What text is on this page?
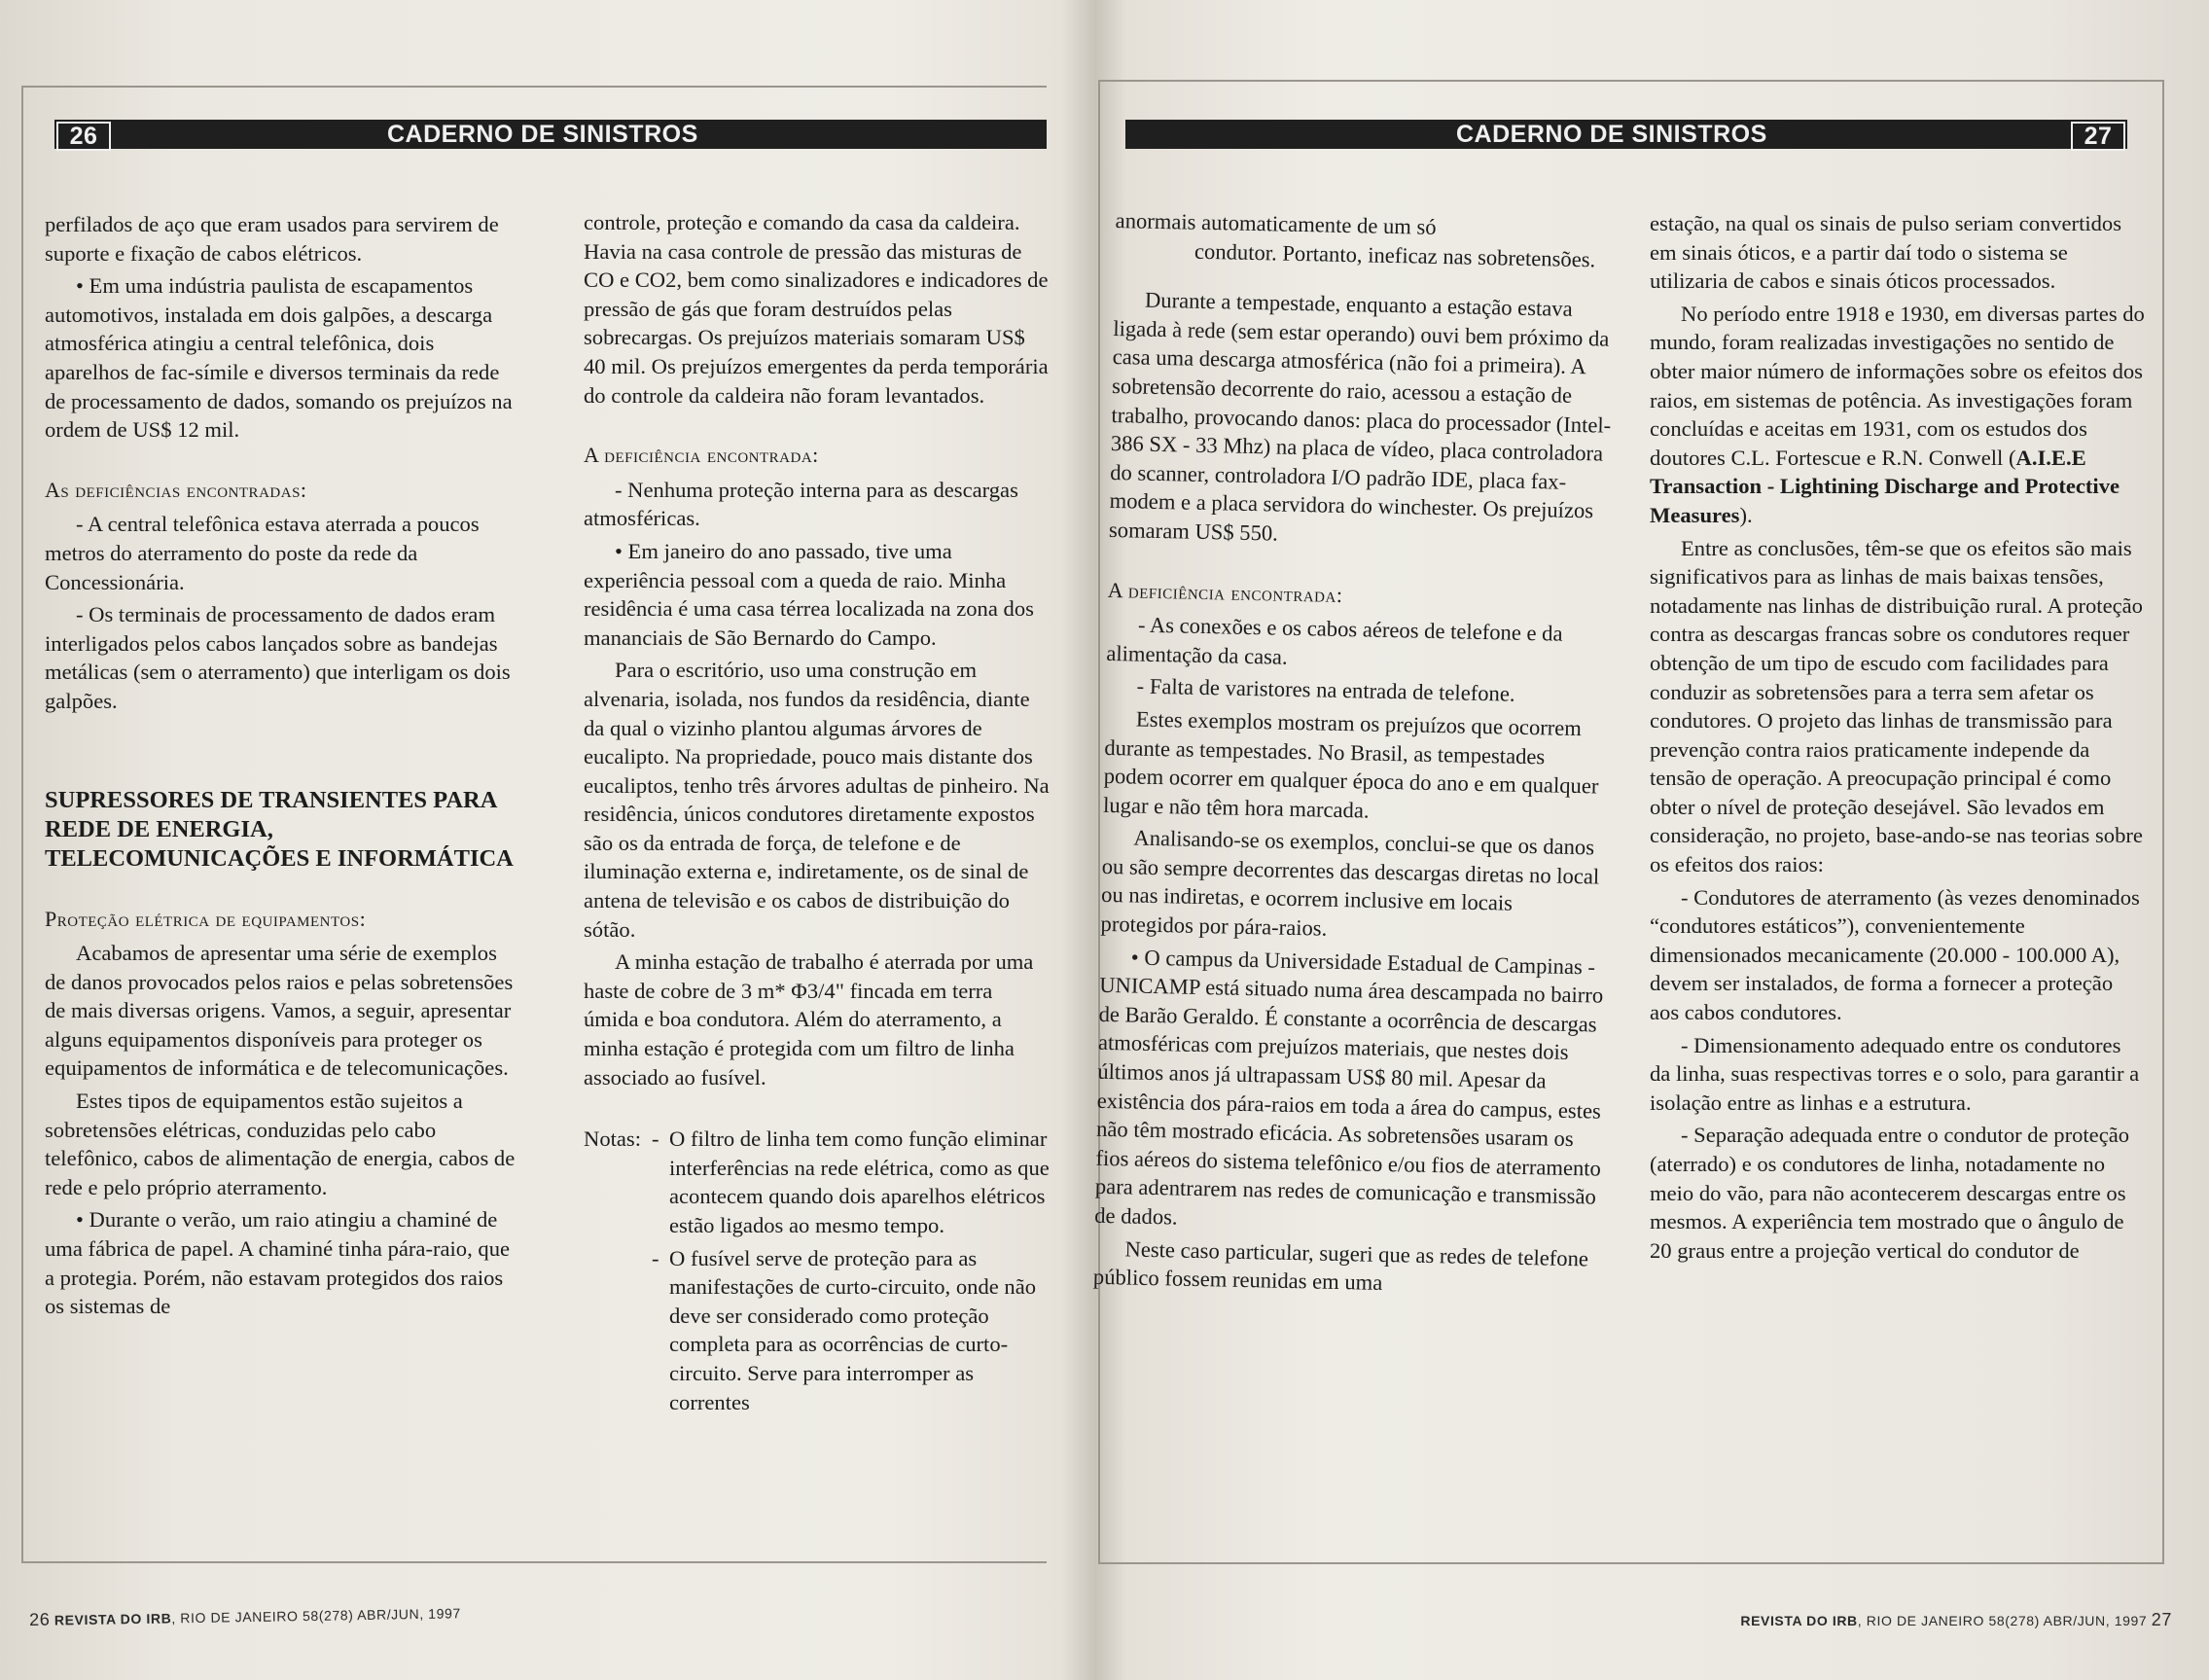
26	CADERNO DE SINISTROS

perfilados de aço que eram usados para servirem de suporte e fixação de cabos elétricos.

• Em uma indústria paulista de escapamentos automotivos, instalada em dois galpões, a descarga atmosférica atingiu a central telefônica, dois aparelhos de fac-símile e diversos terminais da rede de processamento de dados, somando os prejuízos na ordem de US$ 12 mil.

As deficiências encontradas:

- A central telefônica estava aterrada a poucos metros do aterramento do poste da rede da Concessionária.

- Os terminais de processamento de dados eram interligados pelos cabos lançados sobre as bandejas metálicas (sem o aterramento) que interligam os dois galpões.

SUPRESSORES DE TRANSIENTES PARA REDE DE ENERGIA, TELECOMUNICAÇÕES E INFORMÁTICA
Proteção elétrica de equipamentos:

Acabamos de apresentar uma série de exemplos de danos provocados pelos raios e pelas sobretensões de mais diversas origens. Vamos, a seguir, apresentar alguns equipamentos disponíveis para proteger os equipamentos de informática e de telecomunicações.

Estes tipos de equipamentos estão sujeitos a sobretensões elétricas, conduzidas pelo cabo telefônico, cabos de alimentação de energia, cabos de rede e pelo próprio aterramento.

• Durante o verão, um raio atingiu a chaminé de uma fábrica de papel. A chaminé tinha pára-raio, que a protegia. Porém, não estavam protegidos dos raios os sistemas de

controle, proteção e comando da casa da caldeira. Havia na casa controle de pressão das misturas de CO e CO2, bem como sinalizadores e indicadores de pressão de gás que foram destruídos pelas sobrecargas. Os prejuízos materiais somaram US$ 40 mil. Os prejuízos emergentes da perda temporária do controle da caldeira não foram levantados.

A deficiência encontrada:

- Nenhuma proteção interna para as descargas atmosféricas.

• Em janeiro do ano passado, tive uma experiência pessoal com a queda de raio. Minha residência é uma casa térrea localizada na zona dos mananciais de São Bernardo do Campo.

Para o escritório, uso uma construção em alvenaria, isolada, nos fundos da residência, diante da qual o vizinho plantou algumas árvores de eucalipto. Na propriedade, pouco mais distante dos eucaliptos, tenho três árvores adultas de pinheiro. Na residência, únicos condutores diretamente expostos são os da entrada de força, de telefone e de iluminação externa e, indiretamente, os de sinal de antena de televisão e os cabos de distribuição do sótão.

A minha estação de trabalho é aterrada por uma haste de cobre de 3 m* Φ3/4" fincada em terra úmida e boa condutora. Além do aterramento, a minha estação é protegida com um filtro de linha associado ao fusível.

Notas: - O filtro de linha tem como função eliminar interferências na rede elétrica, como as que acontecem quando dois aparelhos elétricos estão ligados ao mesmo tempo.
- O fusível serve de proteção para as manifestações de curto-circuito, onde não deve ser considerado como proteção completa para as ocorrências de curto-circuito. Serve para interromper as correntes
26 REVISTA DO IRB, RIO DE JANEIRO 58(278) ABR/JUN, 1997
CADERNO DE SINISTROS	27

anormais automaticamente de um só

condutor. Portanto, ineficaz nas sobretensões.

Durante a tempestade, enquanto a estação estava ligada à rede (sem estar operando) ouvi bem próximo da casa uma descarga atmosférica (não foi a primeira). A sobretensão decorrente do raio, acessou a estação de trabalho, provocando danos: placa do processador (Intel-386 SX - 33 Mhz) na placa de vídeo, placa controladora do scanner, controladora I/O padrão IDE, placa fax-modem e a placa servidora do winchester. Os prejuízos somaram US$ 550.

A deficiência encontrada:

- As conexões e os cabos aéreos de telefone e da alimentação da casa.

- Falta de varistores na entrada de telefone.

Estes exemplos mostram os prejuízos que ocorrem durante as tempestades. No Brasil, as tempestades podem ocorrer em qualquer época do ano e em qualquer lugar e não têm hora marcada.

Analisando-se os exemplos, conclui-se que os danos ou são sempre decorrentes das descargas diretas no local ou nas indiretas, e ocorrem inclusive em locais protegidos por pára-raios.

• O campus da Universidade Estadual de Campinas - UNICAMP está situado numa área descampada no bairro de Barão Geraldo. É constante a ocorrência de descargas atmosféricas com prejuízos materiais, que nestes dois últimos anos já ultrapassam US$ 80 mil. Apesar da existência dos pára-raios em toda a área do campus, estes não têm mostrado eficácia. As sobretensões usaram os fios aéreos do sistema telefônico e/ou fios de aterramento para adentrarem nas redes de comunicação e transmissão de dados.

Neste caso particular, sugeri que as redes de telefone público fossem reunidas em uma

estação, na qual os sinais de pulso seriam convertidos em sinais óticos, e a partir daí todo o sistema se utilizaria de cabos e sinais óticos processados.

No período entre 1918 e 1930, em diversas partes do mundo, foram realizadas investigações no sentido de obter maior número de informações sobre os efeitos dos raios, em sistemas de potência. As investigações foram concluídas e aceitas em 1931, com os estudos dos doutores C.L. Fortescue e R.N. Conwell (A.I.E.E Transaction - Lightining Discharge and Protective Measures).

Entre as conclusões, têm-se que os efeitos são mais significativos para as linhas de mais baixas tensões, notadamente nas linhas de distribuição rural. A proteção contra as descargas francas sobre os condutores requer obtenção de um tipo de escudo com facilidades para conduzir as sobretensões para a terra sem afetar os condutores. O projeto das linhas de transmissão para prevenção contra raios praticamente independe da tensão de operação. A preocupação principal é como obter o nível de proteção desejável. São levados em consideração, no projeto, base-ando-se nas teorias sobre os efeitos dos raios:

- Condutores de aterramento (às vezes denominados “condutores estáticos”), convenientemente dimensionados mecanicamente (20.000 - 100.000 A), devem ser instalados, de forma a fornecer a proteção aos cabos condutores.

- Dimensionamento adequado entre os condutores da linha, suas respectivas torres e o solo, para garantir a isolação entre as linhas e a estrutura.

- Separação adequada entre o condutor de proteção (aterrado) e os condutores de linha, notadamente no meio do vão, para não acontecerem descargas entre os mesmos. A experiência tem mostrado que o ângulo de 20 graus entre a projeção vertical do condutor de

REVISTA DO IRB, RIO DE JANEIRO 58(278) ABR/JUN, 1997 27
